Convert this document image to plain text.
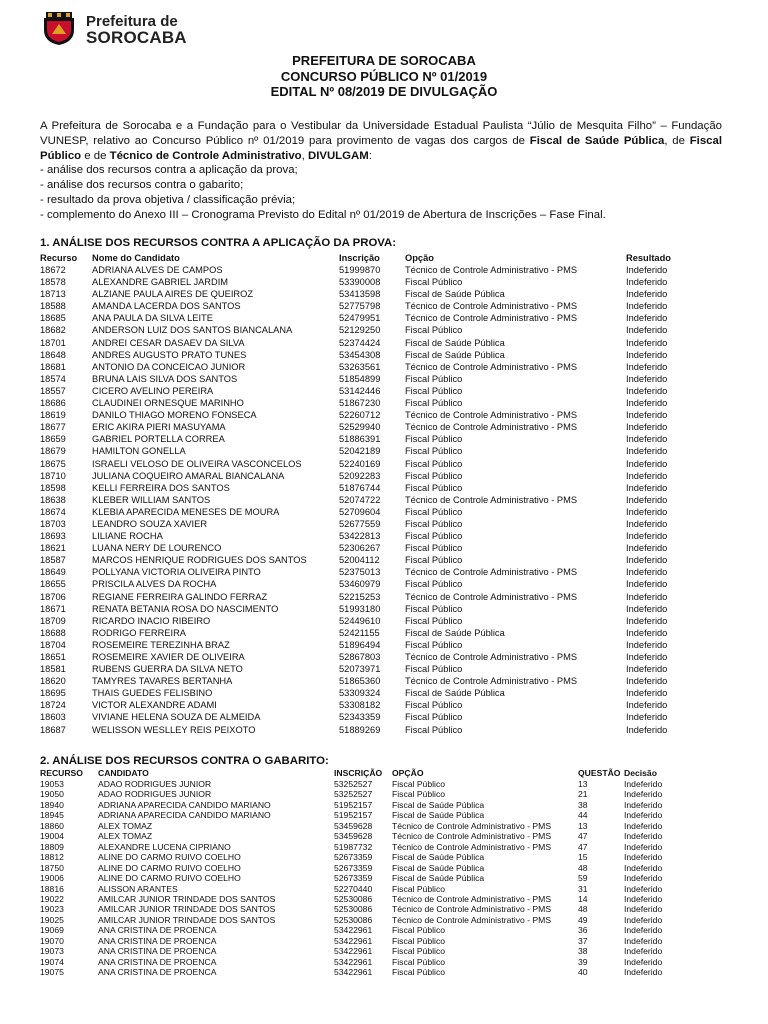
Prefeitura de
SOROCABA
PREFEITURA DE SOROCABA
CONCURSO PÚBLICO Nº 01/2019
EDITAL Nº 08/2019 DE DIVULGAÇÃO

A Prefeitura de Sorocaba e a Fundação para o Vestibular da Universidade Estadual Paulista “Júlio de Mesquita Filho” – Fundação VUNESP, relativo ao Concurso Público nº 01/2019 para provimento de vagas dos cargos de Fiscal de Saúde Pública, de Fiscal Público e de Técnico de Controle Administrativo, DIVULGAM:

- análise dos recursos contra a aplicação da prova;
- análise dos recursos contra o gabarito;
- resultado da prova objetiva / classificação prévia;
- complemento do Anexo III – Cronograma Previsto do Edital nº 01/2019 de Abertura de Inscrições – Fase Final.
1. ANÁLISE DOS RECURSOS CONTRA A APLICAÇÃO DA PROVA:
Recurso	Nome do Candidato	Inscrição	Opção	Resultado
18672	ADRIANA ALVES DE CAMPOS	51999870	Técnico de Controle Administrativo - PMS	Indeferido
18578	ALEXANDRE GABRIEL JARDIM	53390008	Fiscal Público	Indeferido
18713	ALZIANE PAULA AIRES DE QUEIROZ	53413598	Fiscal de Saúde Pública	Indeferido
18588	AMANDA LACERDA DOS SANTOS	52775798	Técnico de Controle Administrativo - PMS	Indeferido
18685	ANA PAULA DA SILVA LEITE	52479951	Técnico de Controle Administrativo - PMS	Indeferido
18682	ANDERSON LUIZ DOS SANTOS BIANCALANA	52129250	Fiscal Público	Indeferido
18701	ANDREI CESAR DASAEV DA SILVA	52374424	Fiscal de Saúde Pública	Indeferido
18648	ANDRES AUGUSTO PRATO TUNES	53454308	Fiscal de Saúde Pública	Indeferido
18681	ANTONIO DA CONCEICAO JUNIOR	53263561	Técnico de Controle Administrativo - PMS	Indeferido
18574	BRUNA LAIS SILVA DOS SANTOS	51854899	Fiscal Público	Indeferido
18557	CICERO AVELINO PEREIRA	53142446	Fiscal Público	Indeferido
18686	CLAUDINEI ORNESQUE MARINHO	51867230	Fiscal Público	Indeferido
18619	DANILO THIAGO MORENO FONSECA	52260712	Técnico de Controle Administrativo - PMS	Indeferido
18677	ERIC AKIRA PIERI MASUYAMA	52529940	Técnico de Controle Administrativo - PMS	Indeferido
18659	GABRIEL PORTELLA CORREA	51886391	Fiscal Público	Indeferido
18679	HAMILTON GONELLA	52042189	Fiscal Público	Indeferido
18675	ISRAELI VELOSO DE OLIVEIRA VASCONCELOS	52240169	Fiscal Público	Indeferido
18710	JULIANA COQUEIRO AMARAL BIANCALANA	52092283	Fiscal Público	Indeferido
18598	KELLI FERREIRA DOS SANTOS	51876744	Fiscal Público	Indeferido
18638	KLEBER WILLIAM SANTOS	52074722	Técnico de Controle Administrativo - PMS	Indeferido
18674	KLEBIA APARECIDA MENESES DE MOURA	52709604	Fiscal Público	Indeferido
18703	LEANDRO SOUZA XAVIER	52677559	Fiscal Público	Indeferido
18693	LILIANE ROCHA	53422813	Fiscal Público	Indeferido
18621	LUANA NERY DE LOURENCO	52306267	Fiscal Público	Indeferido
18587	MARCOS HENRIQUE RODRIGUES DOS SANTOS	52004112	Fiscal Público	Indeferido
18649	POLLYANA VICTORIA OLIVEIRA PINTO	52375013	Técnico de Controle Administrativo - PMS	Indeferido
18655	PRISCILA ALVES DA ROCHA	53460979	Fiscal Público	Indeferido
18706	REGIANE FERREIRA GALINDO FERRAZ	52215253	Técnico de Controle Administrativo - PMS	Indeferido
18671	RENATA BETANIA ROSA DO NASCIMENTO	51993180	Fiscal Público	Indeferido
18709	RICARDO INACIO RIBEIRO	52449610	Fiscal Público	Indeferido
18688	RODRIGO FERREIRA	52421155	Fiscal de Saúde Pública	Indeferido
18704	ROSEMEIRE TEREZINHA BRAZ	51896494	Fiscal Público	Indeferido
18651	ROSEMEIRE XAVIER DE OLIVEIRA	52867803	Técnico de Controle Administrativo - PMS	Indeferido
18581	RUBENS GUERRA DA SILVA NETO	52073971	Fiscal Público	Indeferido
18620	TAMYRES TAVARES BERTANHA	51865360	Técnico de Controle Administrativo - PMS	Indeferido
18695	THAIS GUEDES FELISBINO	53309324	Fiscal de Saúde Pública	Indeferido
18724	VICTOR ALEXANDRE ADAMI	53308182	Fiscal Público	Indeferido
18603	VIVIANE HELENA SOUZA DE ALMEIDA	52343359	Fiscal Público	Indeferido
18687	WELISSON WESLLEY REIS PEIXOTO	51889269	Fiscal Público	Indeferido
2. ANÁLISE DOS RECURSOS CONTRA O GABARITO:
RECURSO	CANDIDATO	INSCRIÇÃO	OPÇÃO	QUESTÃO	Decisão
19053	ADAO RODRIGUES JUNIOR	53252527	Fiscal Público	13	Indeferido
19050	ADAO RODRIGUES JUNIOR	53252527	Fiscal Público	21	Indeferido
18940	ADRIANA APARECIDA CANDIDO MARIANO	51952157	Fiscal de Saúde Pública	38	Indeferido
18945	ADRIANA APARECIDA CANDIDO MARIANO	51952157	Fiscal de Saúde Pública	44	Indeferido
18860	ALEX TOMAZ	53459628	Técnico de Controle Administrativo - PMS	13	Indeferido
19004	ALEX TOMAZ	53459628	Técnico de Controle Administrativo - PMS	47	Indeferido
18809	ALEXANDRE LUCENA CIPRIANO	51987732	Técnico de Controle Administrativo - PMS	47	Indeferido
18812	ALINE DO CARMO RUIVO COELHO	52673359	Fiscal de Saúde Pública	15	Indeferido
18750	ALINE DO CARMO RUIVO COELHO	52673359	Fiscal de Saúde Pública	48	Indeferido
19006	ALINE DO CARMO RUIVO COELHO	52673359	Fiscal de Saúde Pública	59	Indeferido
18816	ALISSON ARANTES	52270440	Fiscal Público	31	Indeferido
19022	AMILCAR JUNIOR TRINDADE DOS SANTOS	52530086	Técnico de Controle Administrativo - PMS	14	Indeferido
19023	AMILCAR JUNIOR TRINDADE DOS SANTOS	52530086	Técnico de Controle Administrativo - PMS	48	Indeferido
19025	AMILCAR JUNIOR TRINDADE DOS SANTOS	52530086	Técnico de Controle Administrativo - PMS	49	Indeferido
19069	ANA CRISTINA DE PROENCA	53422961	Fiscal Público	36	Indeferido
19070	ANA CRISTINA DE PROENCA	53422961	Fiscal Público	37	Indeferido
19073	ANA CRISTINA DE PROENCA	53422961	Fiscal Público	38	Indeferido
19074	ANA CRISTINA DE PROENCA	53422961	Fiscal Público	39	Indeferido
19075	ANA CRISTINA DE PROENCA	53422961	Fiscal Público	40	Indeferido
